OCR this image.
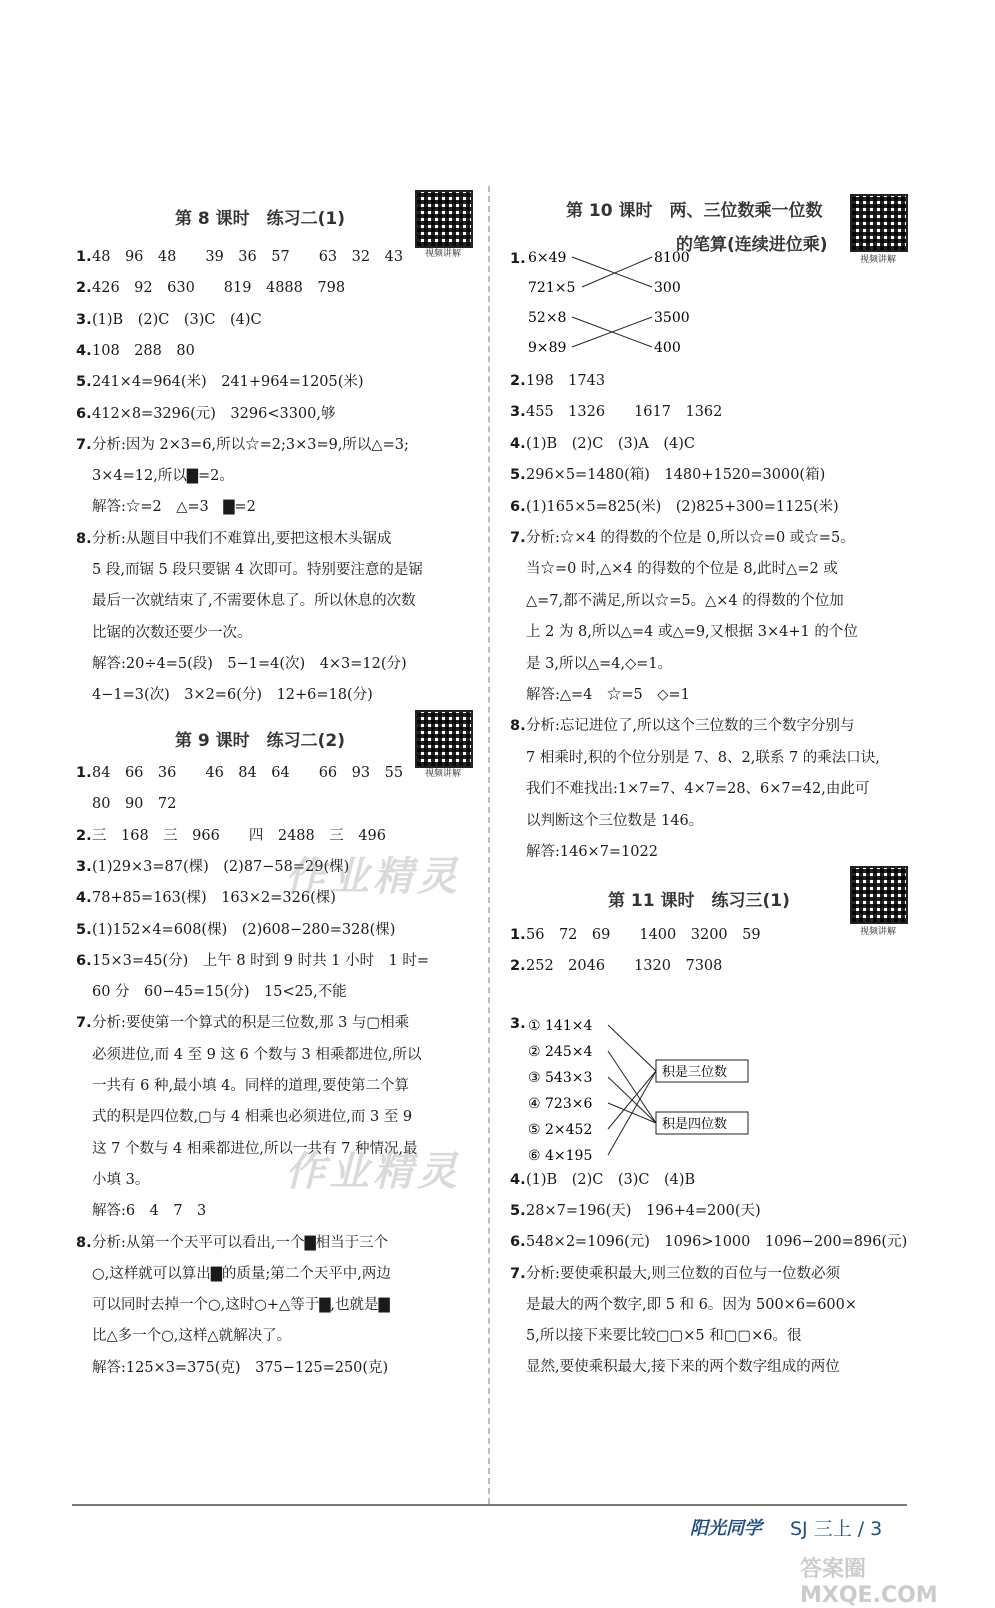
第 8 课时　练习二(1)
视频讲解
1. 48　96　48　　39　36　57　　63　32　43
2. 426　92　630　　819　4888　798
3. (1)B　(2)C　(3)C　(4)C
4. 108　288　80
5. 241×4=964(米)　241+964=1205(米)
6. 412×8=3296(元)　3296<3300,够
7. 分析:因为 2×3=6,所以☆=2;3×3=9,所以△=3;
3×4=12,所以▇=2。
解答:☆=2　△=3　▇=2
8. 分析:从题目中我们不难算出,要把这根木头锯成
5 段,而锯 5 段只要锯 4 次即可。特别要注意的是锯
最后一次就结束了,不需要休息了。所以休息的次数
比锯的次数还要少一次。
解答:20÷4=5(段)　5−1=4(次)　4×3=12(分)
4−1=3(次)　3×2=6(分)　12+6=18(分)
第 9 课时　练习二(2)
视频讲解
1. 84　66　36　　46　84　64　　66　93　55
80　90　72
2. 三　168　三　966　　四　2488　三　496
3. (1)29×3=87(棵)　(2)87−58=29(棵)
4. 78+85=163(棵)　163×2=326(棵)
5. (1)152×4=608(棵)　(2)608−280=328(棵)
6. 15×3=45(分)　上午 8 时到 9 时共 1 小时　1 时=
60 分　60−45=15(分)　15<25,不能
7. 分析:要使第一个算式的积是三位数,那 3 与▢相乘
必须进位,而 4 至 9 这 6 个数与 3 相乘都进位,所以
一共有 6 种,最小填 4。同样的道理,要使第二个算
式的积是四位数,▢与 4 相乘也必须进位,而 3 至 9
这 7 个数与 4 相乘都进位,所以一共有 7 种情况,最
小填 3。
解答:6　4　7　3
8. 分析:从第一个天平可以看出,一个▇相当于三个
○,这样就可以算出▇的质量;第二个天平中,两边
可以同时去掉一个○,这时○+△等于▇,也就是▇
比△多一个○,这样△就解决了。
解答:125×3=375(克)　375−125=250(克)
第 10 课时　两、三位数乘一位数
的笔算(连续进位乘)
视频讲解
1. 6×49
721×5
52×8
9×89
8100
300
3500
400
2. 198　1743
3. 455　1326　　1617　1362
4. (1)B　(2)C　(3)A　(4)C
5. 296×5=1480(箱)　1480+1520=3000(箱)
6. (1)165×5=825(米)　(2)825+300=1125(米)
7. 分析:☆×4 的得数的个位是 0,所以☆=0 或☆=5。
当☆=0 时,△×4 的得数的个位是 8,此时△=2 或
△=7,都不满足,所以☆=5。△×4 的得数的个位加
上 2 为 8,所以△=4 或△=9,又根据 3×4+1 的个位
是 3,所以△=4,◇=1。
解答:△=4　☆=5　◇=1
8. 分析:忘记进位了,所以这个三位数的三个数字分别与
7 相乘时,积的个位分别是 7、8、2,联系 7 的乘法口诀,
我们不难找出:1×7=7、4×7=28、6×7=42,由此可
以判断这个三位数是 146。
解答:146×7=1022
第 11 课时　练习三(1)
视频讲解
1. 56　72　69　　1400　3200　59
2. 252　2046　　1320　7308
3. ① 141×4
② 245×4
③ 543×3
④ 723×6
⑤ 2×452
⑥ 4×195
积是三位数
积是四位数
4. (1)B　(2)C　(3)C　(4)B
5. 28×7=196(天)　196+4=200(天)
6. 548×2=1096(元)　1096>1000　1096−200=896(元)
7. 分析:要使乘积最大,则三位数的百位与一位数必须
是最大的两个数字,即 5 和 6。因为 500×6=600×
5,所以接下来要比较▢▢×5 和▢▢×6。很
显然,要使乘积最大,接下来的两个数字组成的两位
作业精灵
作业精灵
阳光同学 SJ 三上 / 3
答案圈 MXQE.COM
